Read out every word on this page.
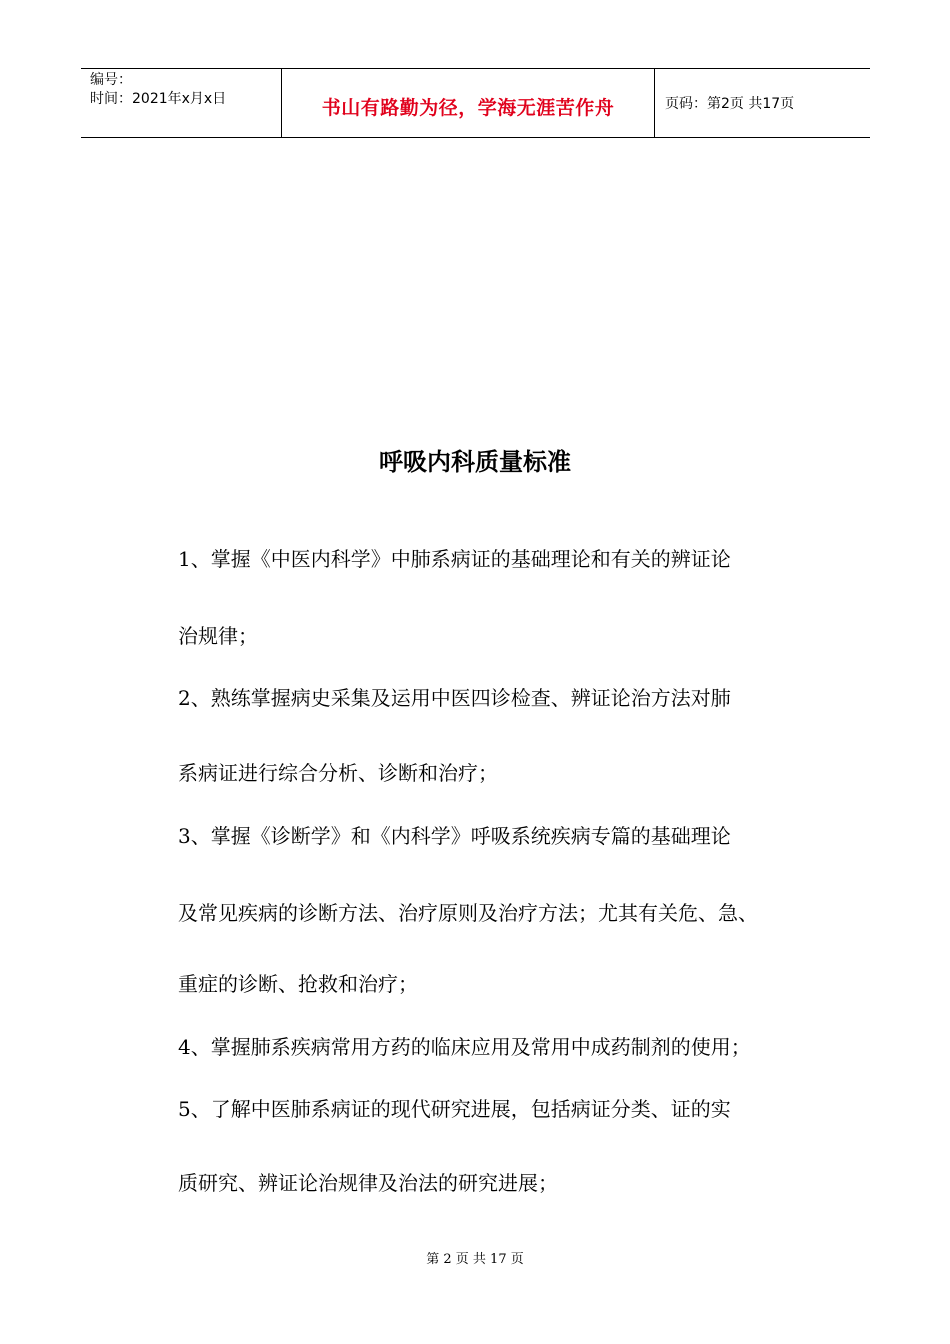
编号：
时间：2021年x月x日	书山有路勤为径，学海无涯苦作舟	页码：第2页 共17页
呼吸内科质量标准
1、掌握《中医内科学》中肺系病证的基础理论和有关的辨证论
治规律；
2、熟练掌握病史采集及运用中医四诊检查、辨证论治方法对肺
系病证进行综合分析、诊断和治疗；
3、掌握《诊断学》和《内科学》呼吸系统疾病专篇的基础理论
及常见疾病的诊断方法、治疗原则及治疗方法；尤其有关危、急、
重症的诊断、抢救和治疗；
4、掌握肺系疾病常用方药的临床应用及常用中成药制剂的使用；
5、了解中医肺系病证的现代研究进展，包括病证分类、证的实
质研究、辨证论治规律及治法的研究进展；
第 2 页 共 17 页
